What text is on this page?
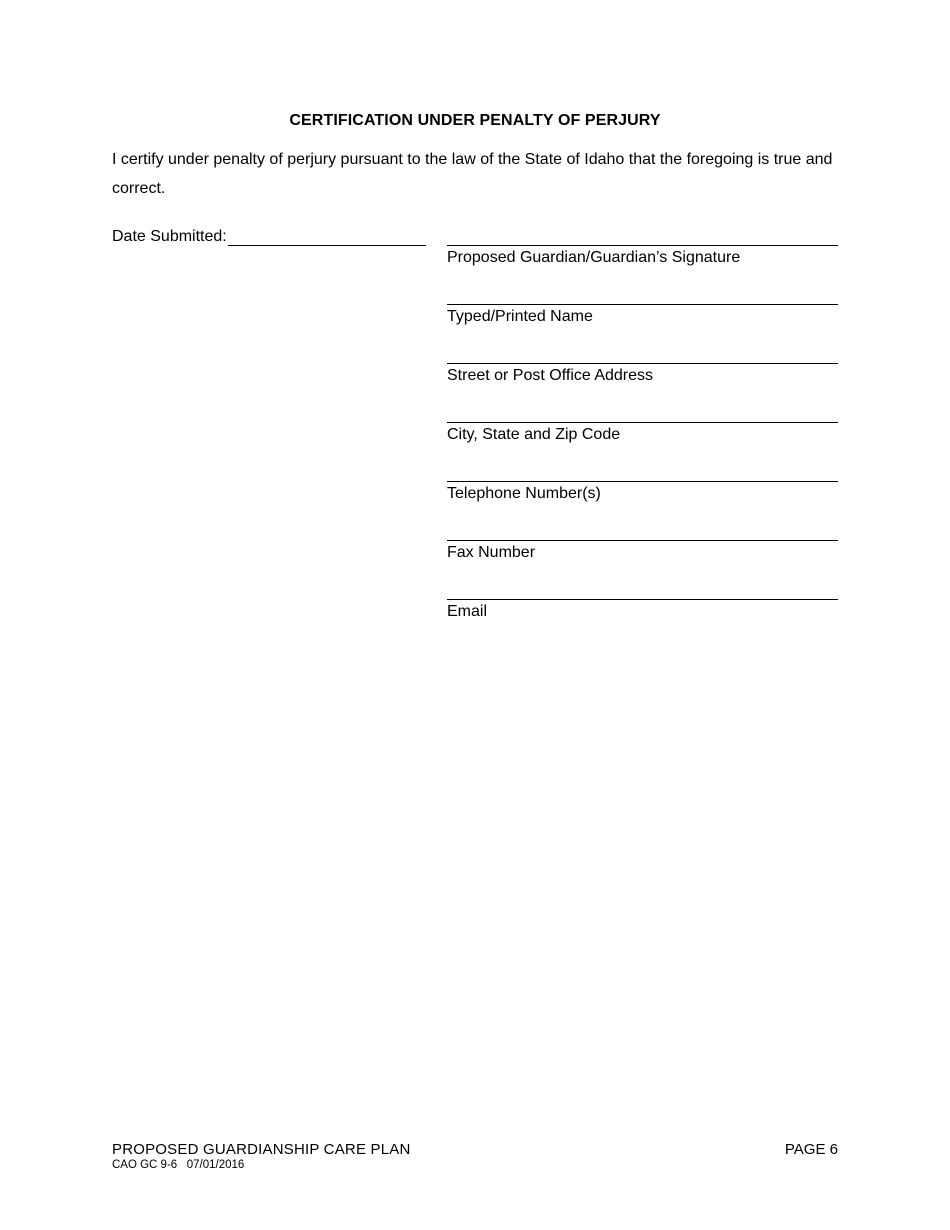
CERTIFICATION UNDER PENALTY OF PERJURY
I certify under penalty of perjury pursuant to the law of the State of Idaho that the foregoing is true and correct.
Date Submitted:
Proposed Guardian/Guardian’s Signature
Typed/Printed Name
Street or Post Office Address
City, State and Zip Code
Telephone Number(s)
Fax Number
Email
PROPOSED GUARDIANSHIP CARE PLAN
CAO GC 9-6   07/01/2016
PAGE 6
